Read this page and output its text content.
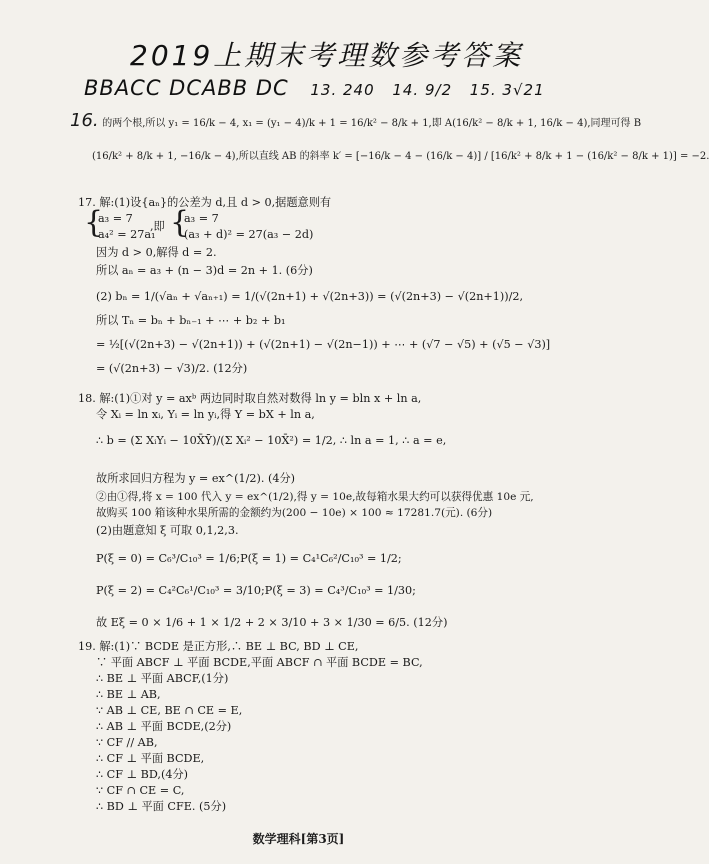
2019上期末考理数参考答案
BBACC DCABB DC 13. 240 14. 9/2 15. 3√21
16. 的两个根,所以 y₁ = 16/k − 4, x₁ = (y₁ − 4)/k + 1 = 16/k² − 8/k + 1,即 A(16/k² − 8/k + 1, 16/k − 4),同理可得 B
(16/k² + 8/k + 1, −16/k − 4),所以直线 AB 的斜率 k′ = [−16/k − 4 − (16/k − 4)] / [16/k² + 8/k + 1 − (16/k² − 8/k + 1)] = −2.
17. 解:(1)设{aₙ}的公差为 d,且 d > 0,据题意则有
{
a₃ = 7
a₄² = 27a₁
,即 {
a₃ = 7
(a₃ + d)² = 27(a₃ − 2d)
因为 d > 0,解得 d = 2.
所以 aₙ = a₃ + (n − 3)d = 2n + 1. (6分)
(2) bₙ = 1/(√aₙ + √aₙ₊₁) = 1/(√(2n+1) + √(2n+3)) = (√(2n+3) − √(2n+1))/2,
所以 Tₙ = bₙ + bₙ₋₁ + ⋯ + b₂ + b₁
= ½[(√(2n+3) − √(2n+1)) + (√(2n+1) − √(2n−1)) + ⋯ + (√7 − √5) + (√5 − √3)]
= (√(2n+3) − √3)/2. (12分)
18. 解:(1)①对 y = axᵇ 两边同时取自然对数得 ln y = bln x + ln a,
令 Xᵢ = ln xᵢ, Yᵢ = ln yᵢ,得 Y = bX + ln a,
∴ b = (Σ XᵢYᵢ − 10X̄Ȳ)/(Σ Xᵢ² − 10X̄²) = 1/2, ∴ ln a = 1, ∴ a = e,
故所求回归方程为 y = ex^(1/2). (4分)
②由①得,将 x = 100 代入 y = ex^(1/2),得 y = 10e,故每箱水果大约可以获得优惠 10e 元,
故购买 100 箱该种水果所需的金额约为(200 − 10e) × 100 ≈ 17281.7(元). (6分)
(2)由题意知 ξ 可取 0,1,2,3.
P(ξ = 0) = C₆³/C₁₀³ = 1/6;P(ξ = 1) = C₄¹C₆²/C₁₀³ = 1/2;
P(ξ = 2) = C₄²C₆¹/C₁₀³ = 3/10;P(ξ = 3) = C₄³/C₁₀³ = 1/30;
故 Eξ = 0 × 1/6 + 1 × 1/2 + 2 × 3/10 + 3 × 1/30 = 6/5. (12分)
19. 解:(1)∵ BCDE 是正方形,∴ BE ⊥ BC, BD ⊥ CE,
∵ 平面 ABCF ⊥ 平面 BCDE,平面 ABCF ∩ 平面 BCDE = BC,
∴ BE ⊥ 平面 ABCF,(1分)
∴ BE ⊥ AB,
∵ AB ⊥ CE, BE ∩ CE = E,
∴ AB ⊥ 平面 BCDE,(2分)
∵ CF // AB,
∴ CF ⊥ 平面 BCDE,
∴ CF ⊥ BD,(4分)
∵ CF ∩ CE = C,
∴ BD ⊥ 平面 CFE. (5分)
数学理科[第3页]
